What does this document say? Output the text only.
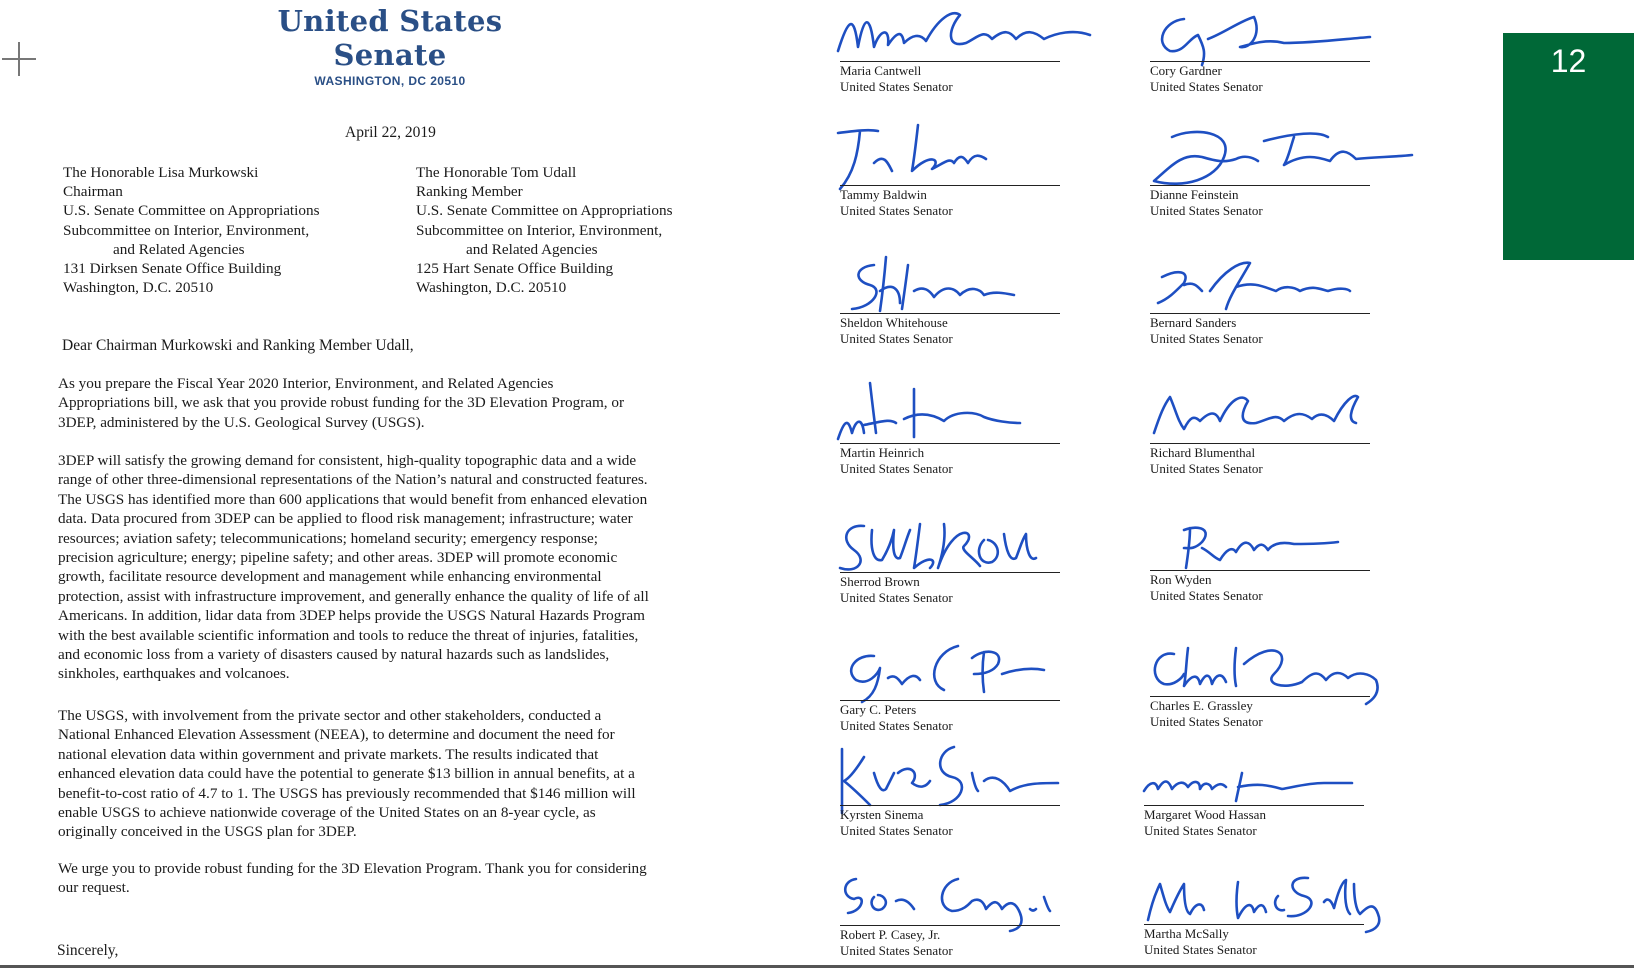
United States Senate
WASHINGTON, DC 20510
April 22, 2019
The Honorable Lisa Murkowski
Chairman
U.S. Senate Committee on Appropriations
Subcommittee on Interior, Environment,
and Related Agencies
131 Dirksen Senate Office Building
Washington, D.C. 20510
The Honorable Tom Udall
Ranking Member
U.S. Senate Committee on Appropriations
Subcommittee on Interior, Environment,
and Related Agencies
125 Hart Senate Office Building
Washington, D.C. 20510
Dear Chairman Murkowski and Ranking Member Udall,
As you prepare the Fiscal Year 2020 Interior, Environment, and Related Agencies
Appropriations bill, we ask that you provide robust funding for the 3D Elevation Program, or
3DEP, administered by the U.S. Geological Survey (USGS).
3DEP will satisfy the growing demand for consistent, high-quality topographic data and a wide
range of other three-dimensional representations of the Nation’s natural and constructed features.
The USGS has identified more than 600 applications that would benefit from enhanced elevation
data. Data procured from 3DEP can be applied to flood risk management; infrastructure; water
resources; aviation safety; telecommunications; homeland security; emergency response;
precision agriculture; energy; pipeline safety; and other areas. 3DEP will promote economic
growth, facilitate resource development and management while enhancing environmental
protection, assist with infrastructure improvement, and generally enhance the quality of life of all
Americans. In addition, lidar data from 3DEP helps provide the USGS Natural Hazards Program
with the best available scientific information and tools to reduce the threat of injuries, fatalities,
and economic loss from a variety of disasters caused by natural hazards such as landslides,
sinkholes, earthquakes and volcanoes.
The USGS, with involvement from the private sector and other stakeholders, conducted a
National Enhanced Elevation Assessment (NEEA), to determine and document the need for
national elevation data within government and private markets. The results indicated that
enhanced elevation data could have the potential to generate $13 billion in annual benefits, at a
benefit-to-cost ratio of 4.7 to 1. The USGS has previously recommended that $146 million will
enable USGS to achieve nationwide coverage of the United States on an 8-year cycle, as
originally conceived in the USGS plan for 3DEP.
We urge you to provide robust funding for the 3D Elevation Program. Thank you for considering
our request.
Sincerely,
Maria Cantwell
United States Senator
Cory Gardner
United States Senator
Tammy Baldwin
United States Senator
Dianne Feinstein
United States Senator
Sheldon Whitehouse
United States Senator
Bernard Sanders
United States Senator
Martin Heinrich
United States Senator
Richard Blumenthal
United States Senator
Sherrod Brown
United States Senator
Ron Wyden
United States Senator
Gary C. Peters
United States Senator
Charles E. Grassley
United States Senator
Kyrsten Sinema
United States Senator
Margaret Wood Hassan
United States Senator
Robert P. Casey, Jr.
United States Senator
Martha McSally
United States Senator
12
